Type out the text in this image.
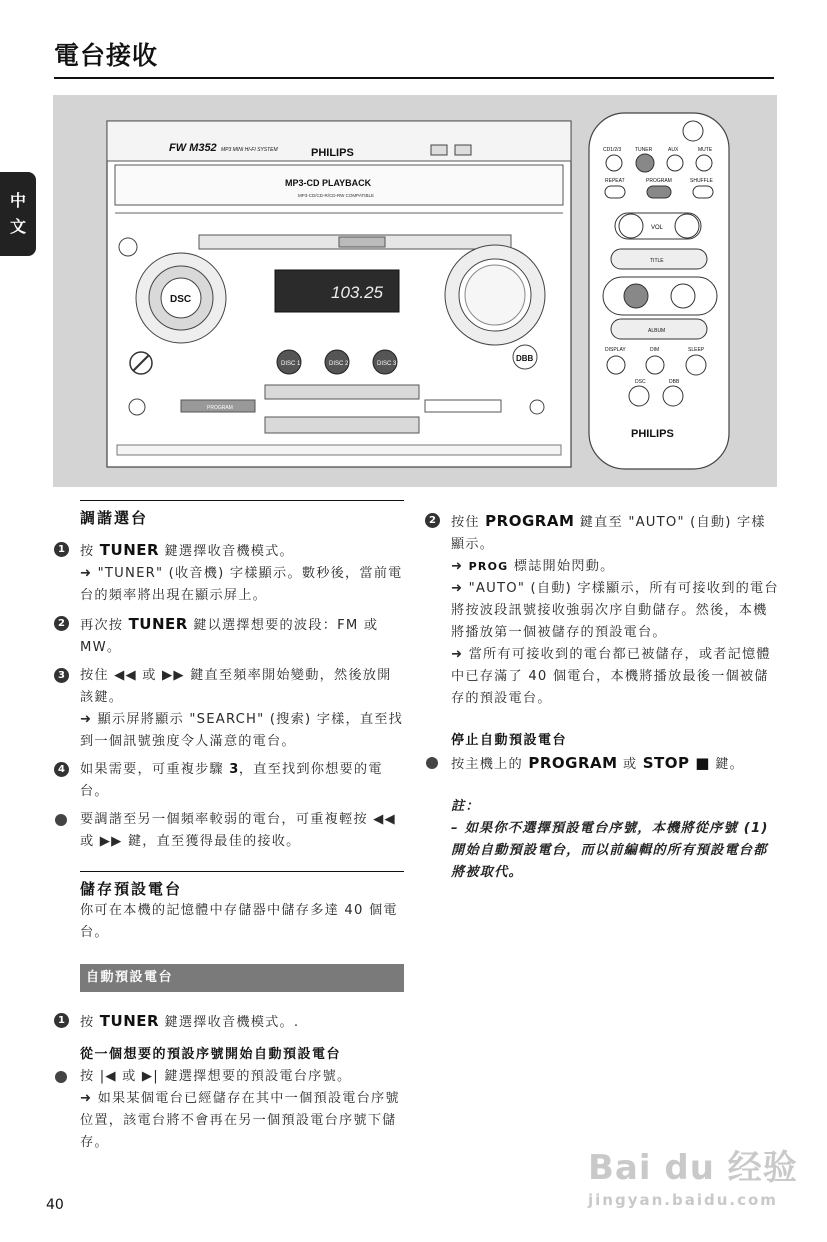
電台接收
中
文
FW M352 MP3 MINI HI-FI SYSTEM	PHILIPS
MP3-CD PLAYBACK
MP3-CD/CD-R/CD-RW COMPATIBLE
DSC	103.25
DBB
DISC 1	DISC 2	DISC 3
PROGRAM
CD1/2/3	TUNER	AUX	MUTE
REPEAT	PROGRAM	SHUFFLE
VOL
TITLE
ALBUM
DISPLAY	DIM	SLEEP
DSC	DBB
PHILIPS
調諧選台
1	按 TUNER 鍵選擇收音機模式。
➜ "TUNER" (收音機) 字樣顯示。數秒後，當前電台的頻率將出現在顯示屏上。
2	再次按 TUNER 鍵以選擇想要的波段：FM 或 MW。
3	按住 ◀◀ 或 ▶▶ 鍵直至頻率開始變動，然後放開該鍵。
➜ 顯示屏將顯示 "SEARCH" (搜索) 字樣，直至找到一個訊號強度令人滿意的電台。
4	如果需要，可重複步驟 3，直至找到你想要的電台。
要調諧至另一個頻率較弱的電台，可重複輕按 ◀◀ 或 ▶▶ 鍵，直至獲得最佳的接收。
儲存預設電台
你可在本機的記憶體中存儲器中儲存多達 40 個電台。
自動預設電台
1	按 TUNER 鍵選擇收音機模式。.
從一個想要的預設序號開始自動預設電台
按 |◀ 或 ▶| 鍵選擇想要的預設電台序號。
➜ 如果某個電台已經儲存在其中一個預設電台序號位置，該電台將不會再在另一個預設電台序號下儲存。
2	按住 PROGRAM 鍵直至 "AUTO" (自動) 字樣顯示。
➜ PROG 標誌開始閃動。
➜ "AUTO" (自動) 字樣顯示，所有可接收到的電台將按波段訊號接收強弱次序自動儲存。然後，本機將播放第一個被儲存的預設電台。
➜ 當所有可接收到的電台都已被儲存，或者記憶體中已存滿了 40 個電台，本機將播放最後一個被儲存的預設電台。
停止自動預設電台
按主機上的 PROGRAM 或 STOP ■ 鍵。
註：
– 如果你不選擇預設電台序號，本機將從序號 (1) 開始自動預設電台，而以前編輯的所有預設電台都將被取代。
40
Bai du 经验
jingyan.baidu.com
